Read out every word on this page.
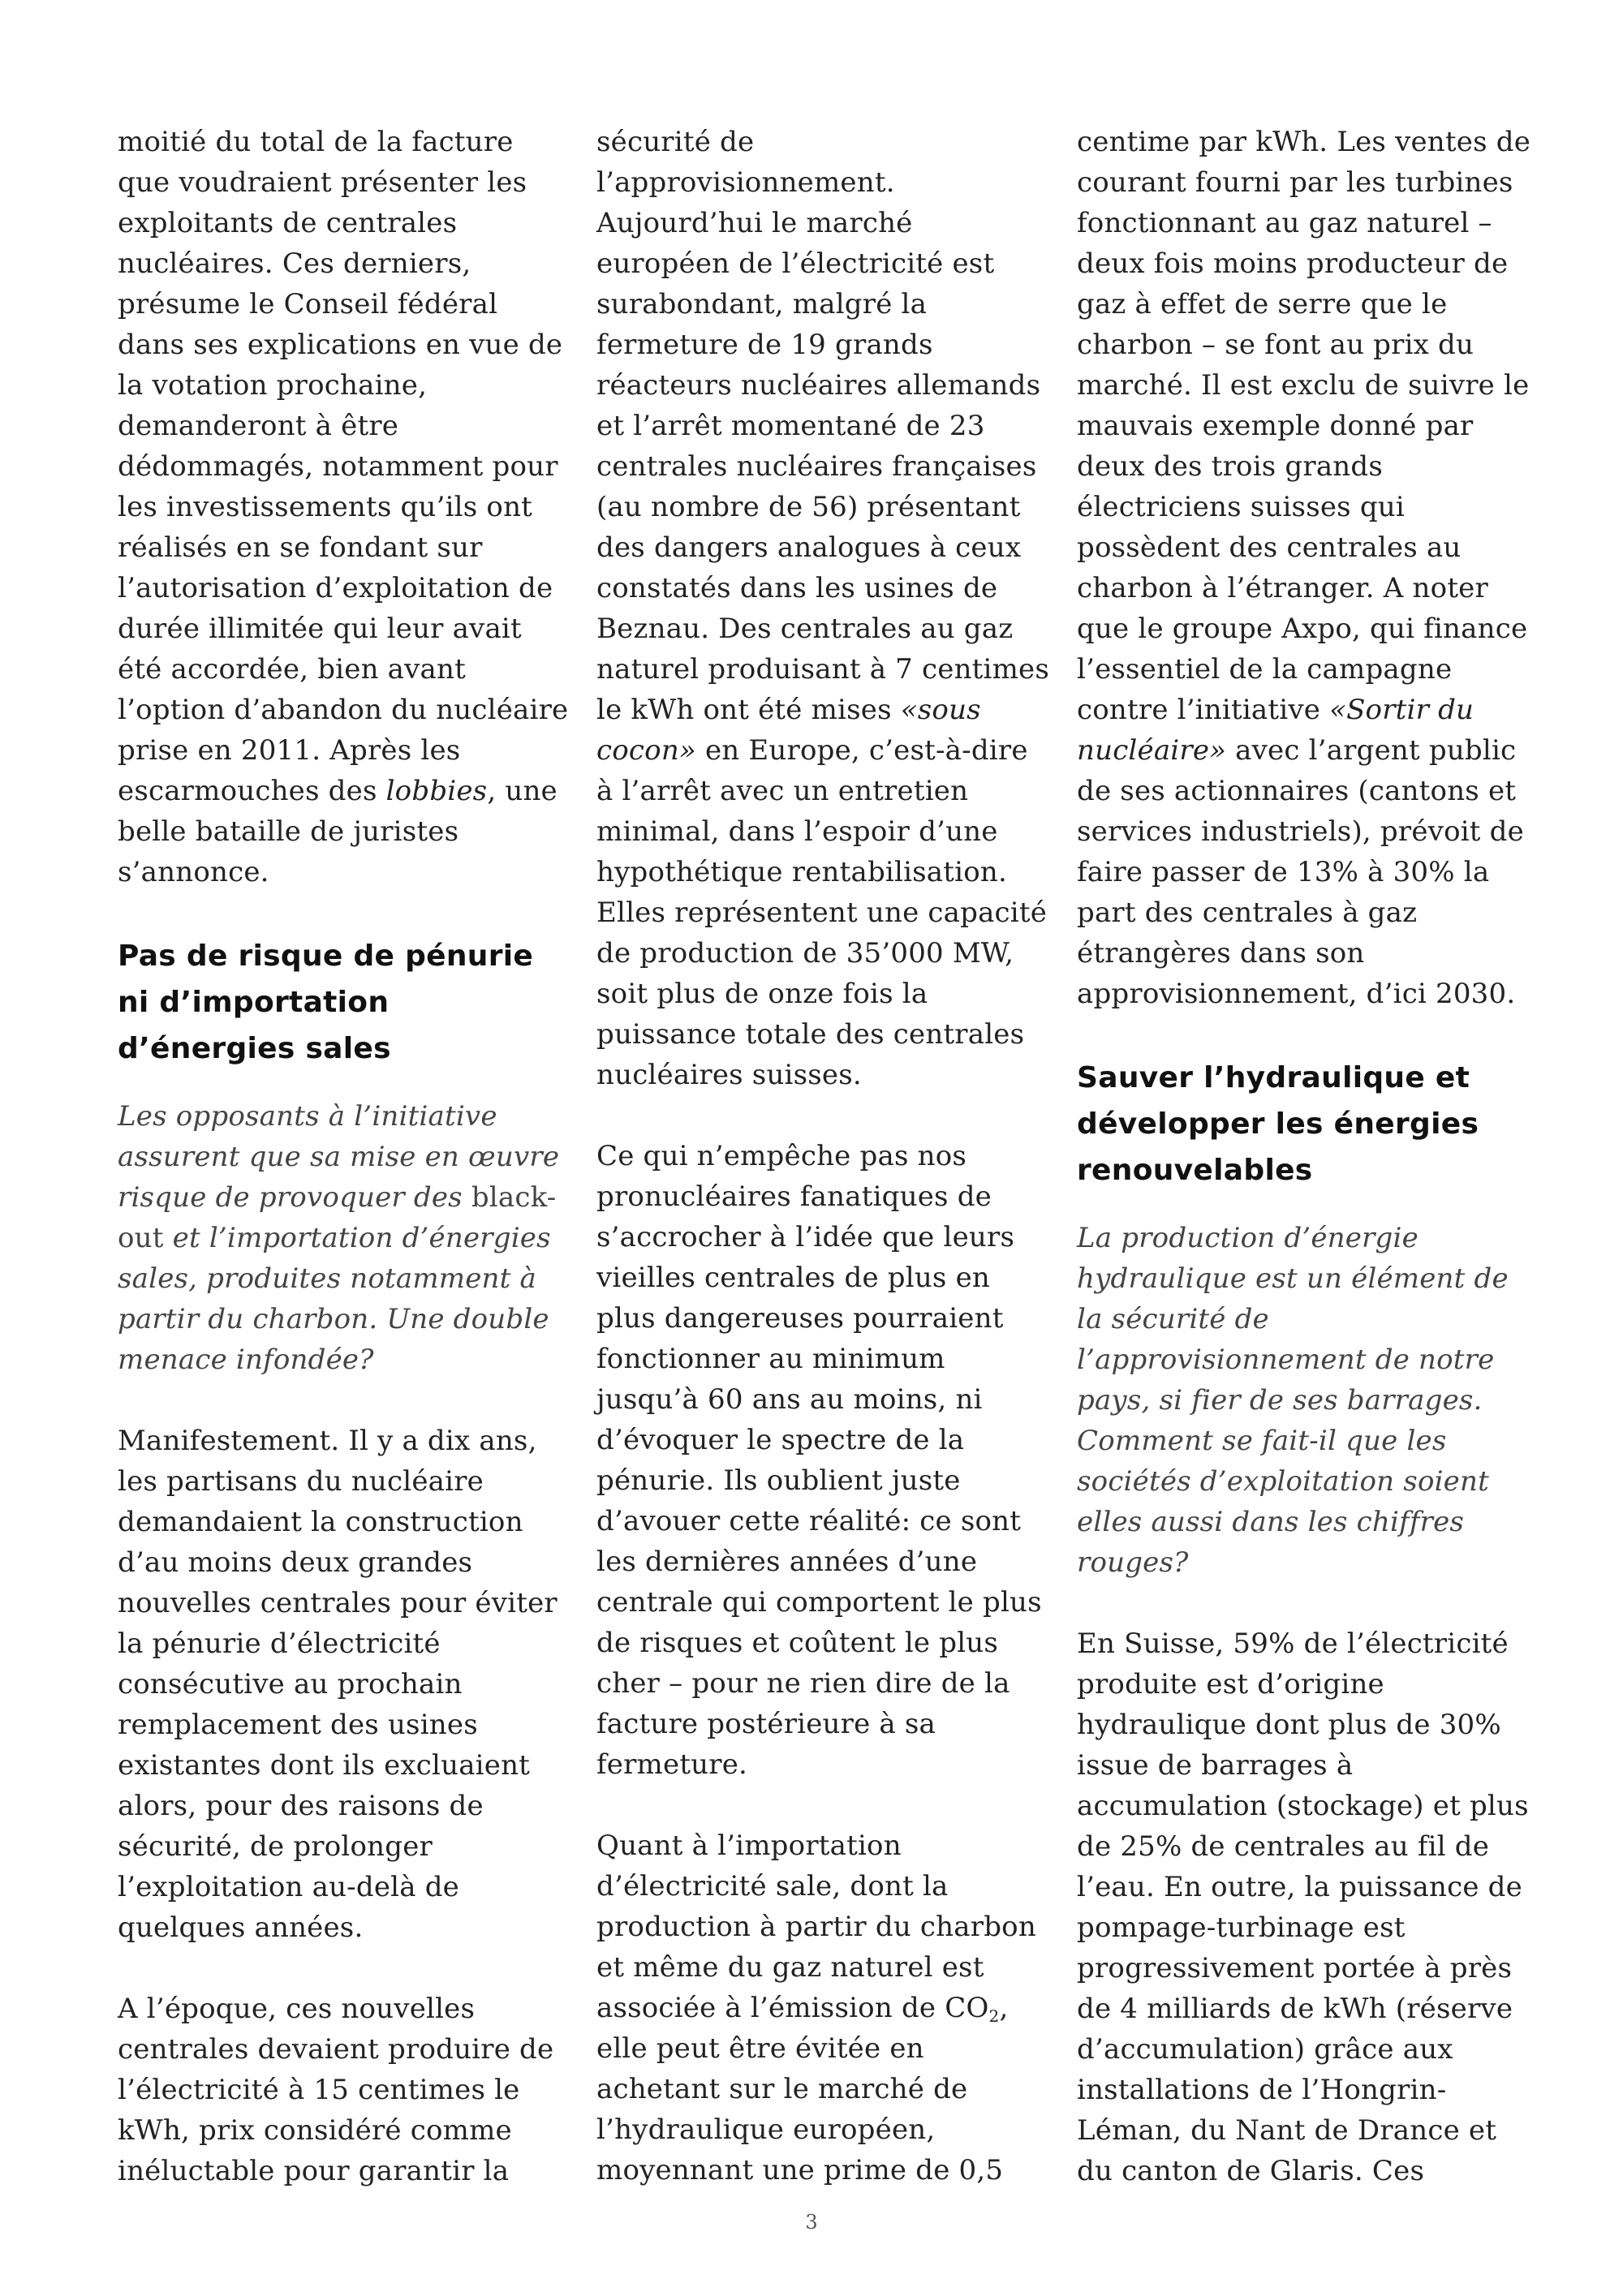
moitié du total de la facture que voudraient présenter les exploitants de centrales nucléaires. Ces derniers, présume le Conseil fédéral dans ses explications en vue de la votation prochaine, demanderont à être dédommagés, notamment pour les investissements qu’ils ont réalisés en se fondant sur l’autorisation d’exploitation de durée illimitée qui leur avait été accordée, bien avant l’option d’abandon du nucléaire prise en 2011. Après les escarmouches des lobbies, une belle bataille de juristes s’annonce.

Pas de risque de pénurie ni d’importation d’énergies sales

Les opposants à l’initiative assurent que sa mise en œuvre risque de provoquer des black-out et l’importation d’énergies sales, produites notamment à partir du charbon. Une double menace infondée?

Manifestement. Il y a dix ans, les partisans du nucléaire demandaient la construction d’au moins deux grandes nouvelles centrales pour éviter la pénurie d’électricité consécutive au prochain remplacement des usines existantes dont ils excluaient alors, pour des raisons de sécurité, de prolonger l’exploitation au-delà de quelques années.

A l’époque, ces nouvelles centrales devaient produire de l’électricité à 15 centimes le kWh, prix considéré comme inéluctable pour garantir la

sécurité de l’approvisionnement. Aujourd’hui le marché européen de l’électricité est surabondant, malgré la fermeture de 19 grands réacteurs nucléaires allemands et l’arrêt momentané de 23 centrales nucléaires françaises (au nombre de 56) présentant des dangers analogues à ceux constatés dans les usines de Beznau. Des centrales au gaz naturel produisant à 7 centimes le kWh ont été mises «sous cocon» en Europe, c’est-à-dire à l’arrêt avec un entretien minimal, dans l’espoir d’une hypothétique rentabilisation. Elles représentent une capacité de production de 35’000 MW, soit plus de onze fois la puissance totale des centrales nucléaires suisses.

Ce qui n’empêche pas nos pronucléaires fanatiques de s’accrocher à l’idée que leurs vieilles centrales de plus en plus dangereuses pourraient fonctionner au minimum jusqu’à 60 ans au moins, ni d’évoquer le spectre de la pénurie. Ils oublient juste d’avouer cette réalité: ce sont les dernières années d’une centrale qui comportent le plus de risques et coûtent le plus cher – pour ne rien dire de la facture postérieure à sa fermeture.

Quant à l’importation d’électricité sale, dont la production à partir du charbon et même du gaz naturel est associée à l’émission de $CO_2$, elle peut être évitée en achetant sur le marché de l’hydraulique européen, moyennant une prime de 0,5

centime par kWh. Les ventes de courant fourni par les turbines fonctionnant au gaz naturel – deux fois moins producteur de gaz à effet de serre que le charbon – se font au prix du marché. Il est exclu de suivre le mauvais exemple donné par deux des trois grands électriciens suisses qui possèdent des centrales au charbon à l’étranger. A noter que le groupe Axpo, qui finance l’essentiel de la campagne contre l’initiative «Sortir du nucléaire» avec l’argent public de ses actionnaires (cantons et services industriels), prévoit de faire passer de 13% à 30% la part des centrales à gaz étrangères dans son approvisionnement, d’ici 2030.

Sauver l’hydraulique et développer les énergies renouvelables

La production d’énergie hydraulique est un élément de la sécurité de l’approvisionnement de notre pays, si fier de ses barrages. Comment se fait-il que les sociétés d’exploitation soient elles aussi dans les chiffres rouges?

En Suisse, 59% de l’électricité produite est d’origine hydraulique dont plus de 30% issue de barrages à accumulation (stockage) et plus de 25% de centrales au fil de l’eau. En outre, la puissance de pompage-turbinage est progressivement portée à près de 4 milliards de kWh (réserve d’accumulation) grâce aux installations de l’Hongrin-Léman, du Nant de Drance et du canton de Glaris. Ces

3
